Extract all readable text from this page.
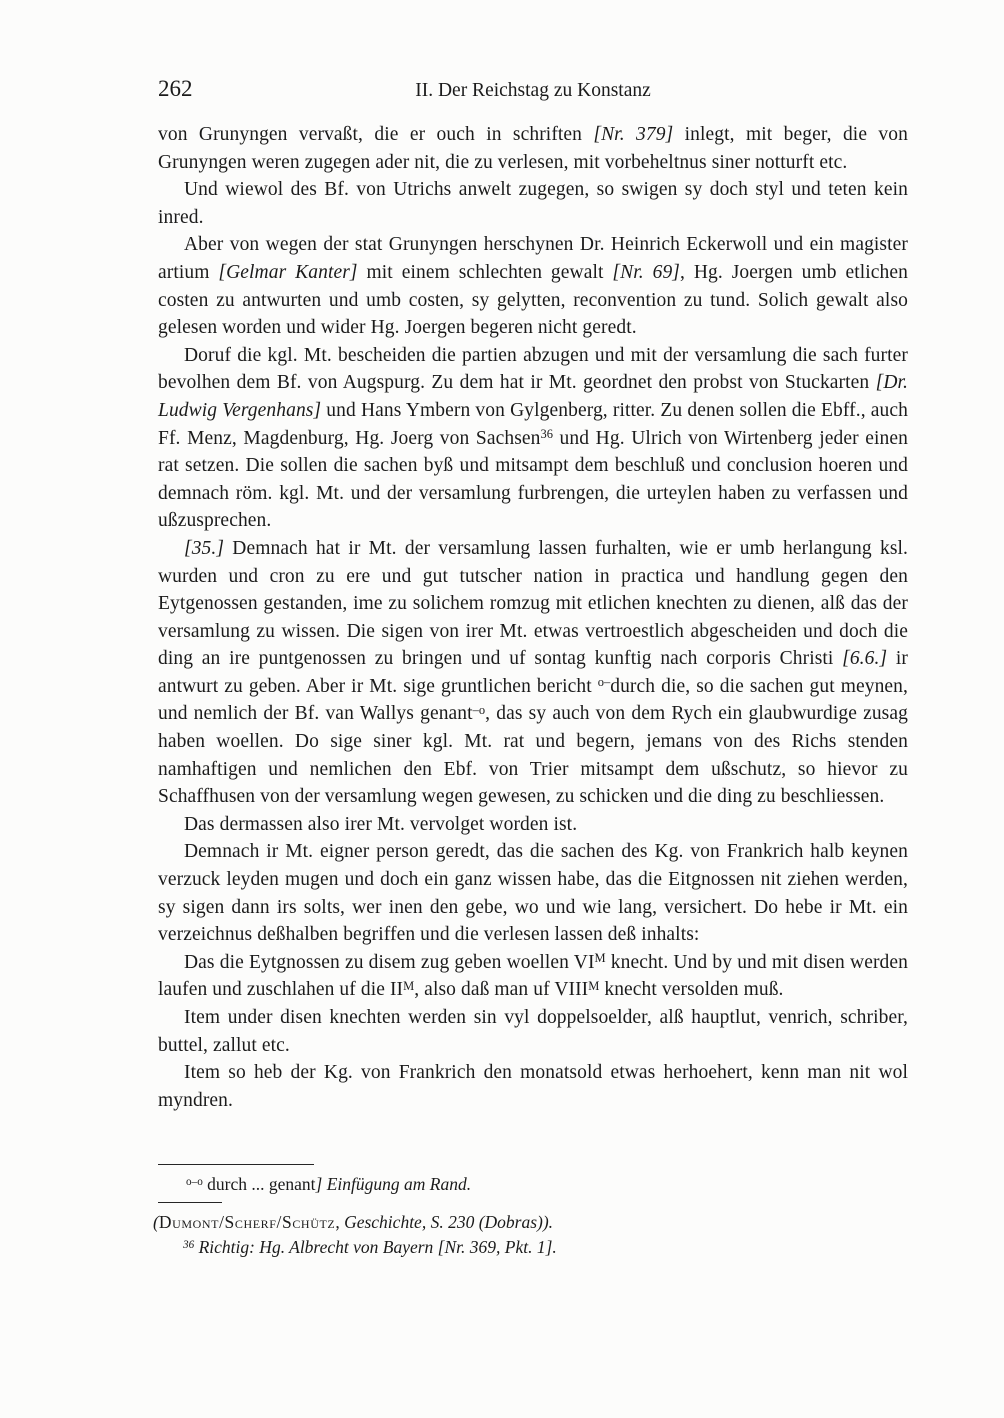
262	II. Der Reichstag zu Konstanz

von Grunyngen vervaßt, die er ouch in schriften [Nr. 379] inlegt, mit beger, die von Grunyngen weren zugegen ader nit, die zu verlesen, mit vorbeheltnus siner notturft etc.

Und wiewol des Bf. von Utrichs anwelt zugegen, so swigen sy doch styl und teten kein inred.

Aber von wegen der stat Grunyngen herschynen Dr. Heinrich Eckerwoll und ein magister artium [Gelmar Kanter] mit einem schlechten gewalt [Nr. 69], Hg. Joergen umb etlichen costen zu antwurten und umb costen, sy gelytten, reconvention zu tund. Solich gewalt also gelesen worden und wider Hg. Joergen begeren nicht geredt.

Doruf die kgl. Mt. bescheiden die partien abzugen und mit der versamlung die sach furter bevolhen dem Bf. von Augspurg. Zu dem hat ir Mt. geordnet den probst von Stuckarten [Dr. Ludwig Vergenhans] und Hans Ymbern von Gylgenberg, ritter. Zu denen sollen die Ebff., auch Ff. Menz, Magdenburg, Hg. Joerg von Sachsen$^{36}$ und Hg. Ulrich von Wirtenberg jeder einen rat setzen. Die sollen die sachen byß und mitsampt dem beschluß und conclusion hoeren und demnach röm. kgl. Mt. und der versamlung furbrengen, die urteylen haben zu verfassen und ußzusprechen.

[35.] Demnach hat ir Mt. der versamlung lassen furhalten, wie er umb herlangung ksl. wurden und cron zu ere und gut tutscher nation in practica und handlung gegen den Eytgenossen gestanden, ime zu solichem romzug mit etlichen knechten zu dienen, alß das der versamlung zu wissen. Die sigen von irer Mt. etwas vertroestlich abgescheiden und doch die ding an ire puntgenossen zu bringen und uf sontag kunftig nach corporis Christi [6.6.] ir antwurt zu geben. Aber ir Mt. sige gruntlichen bericht $^{o-}$durch die, so die sachen gut meynen, und nemlich der Bf. van Wallys genant$^{-o}$, das sy auch von dem Rych ein glaubwurdige zusag haben woellen. Do sige siner kgl. Mt. rat und begern, jemans von des Richs stenden namhaftigen und nemlichen den Ebf. von Trier mitsampt dem ußschutz, so hievor zu Schaffhusen von der versamlung wegen gewesen, zu schicken und die ding zu beschliessen.

Das dermassen also irer Mt. vervolget worden ist.

Demnach ir Mt. eigner person geredt, das die sachen des Kg. von Frankrich halb keynen verzuck leyden mugen und doch ein ganz wissen habe, das die Eitgnossen nit ziehen werden, sy sigen dann irs solts, wer inen den gebe, wo und wie lang, versichert. Do hebe ir Mt. ein verzeichnus deßhalben begriffen und die verlesen lassen deß inhalts:

Das die Eytgnossen zu disem zug geben woellen $VI^M$ knecht. Und by und mit disen werden laufen und zuschlahen uf die $II^M$, also daß man uf $VIII^M$ knecht versolden muß.

Item under disen knechten werden sin vyl doppelsoelder, alß hauptlut, venrich, schriber, buttel, zallut etc.

Item so heb der Kg. von Frankrich den monatsold etwas herhoehert, kenn man nit wol myndren.

$^{o-o}$ durch ... genant] Einfügung am Rand.

(Dumont/Scherf/Schütz, Geschichte, S. 230 (Dobras)).

$^{36}$ Richtig: Hg. Albrecht von Bayern [Nr. 369, Pkt. 1].
